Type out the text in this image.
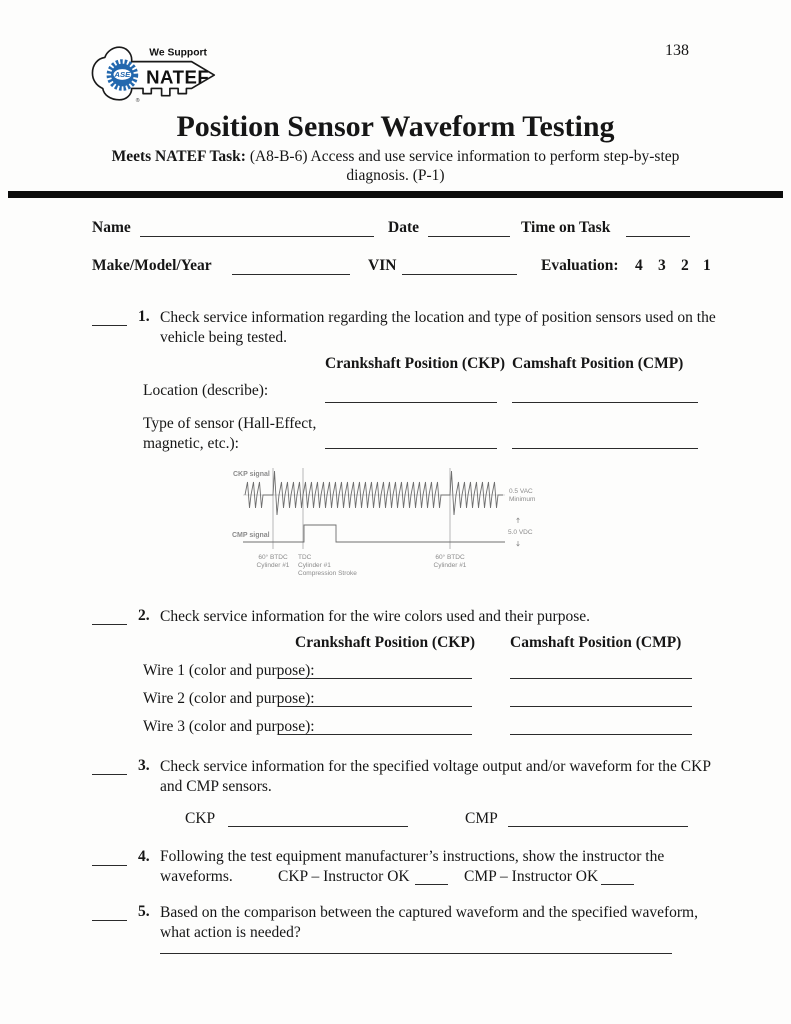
138
We Support
ASE NATEF
®
Position Sensor Waveform Testing
Meets NATEF Task: (A8-B-6) Access and use service information to perform step-by-step
diagnosis. (P-1)
Name	Date	Time on Task
Make/Model/Year	VIN	Evaluation: 4 3 2 1
1. Check service information regarding the location and type of position sensors used on the vehicle being tested.
Crankshaft Position (CKP) Camshaft Position (CMP)
Location (describe):
Type of sensor (Hall-Effect, magnetic, etc.):
CKP signal
CMP signal
0.5 VAC
Minimum
5.0 VDC
60° BTDC
Cylinder #1
TDC
Cylinder #1
Compression Stroke
60° BTDC
Cylinder #1
2. Check service information for the wire colors used and their purpose.
Crankshaft Position (CKP) Camshaft Position (CMP)
Wire 1 (color and purpose):
Wire 2 (color and purpose):
Wire 3 (color and purpose):
3. Check service information for the specified voltage output and/or waveform for the CKP and CMP sensors.
CKP	CMP
4. Following the test equipment manufacturer’s instructions, show the instructor the
waveforms.	CKP – Instructor OK	CMP – Instructor OK
5. Based on the comparison between the captured waveform and the specified waveform, what action is needed?
